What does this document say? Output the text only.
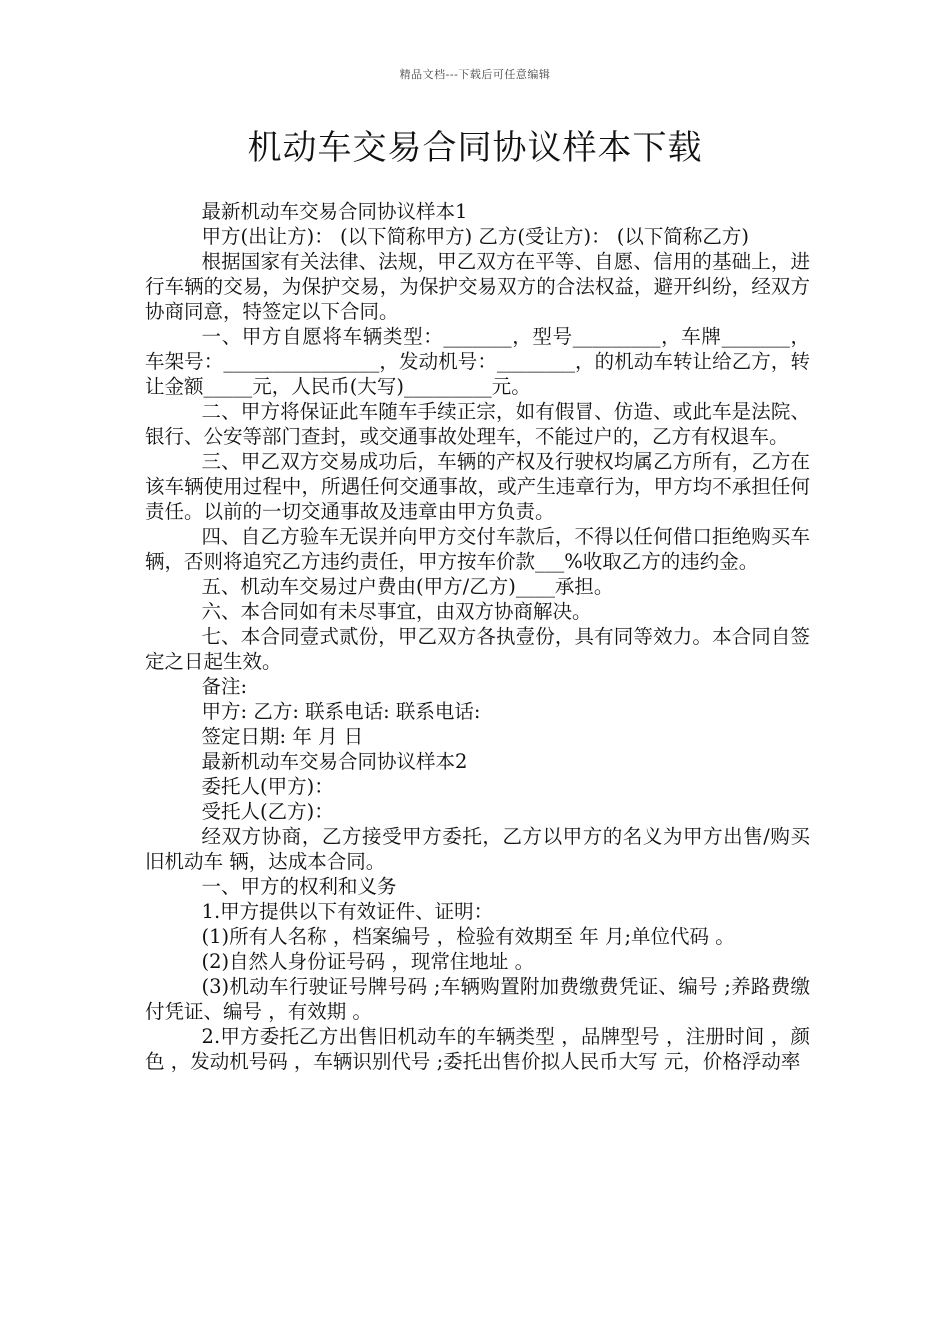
精品文档---下载后可任意编辑
机动车交易合同协议样本下载

最新机动车交易合同协议样本1

甲方(出让方)： (以下简称甲方) 乙方(受让方)： (以下简称乙方)

根据国家有关法律、法规，甲乙双方在平等、自愿、信用的基础上，进行车辆的交易，为保护交易，为保护交易双方的合法权益，避开纠纷，经双方协商同意，特签定以下合同。

一、甲方自愿将车辆类型：_______，型号_________，车牌_______，车架号：________________，发动机号：________，的机动车转让给乙方，转让金额_____元，人民币(大写)_________元。

二、甲方将保证此车随车手续正宗，如有假冒、仿造、或此车是法院、银行、公安等部门查封，或交通事故处理车，不能过户的，乙方有权退车。

三、甲乙双方交易成功后，车辆的产权及行驶权均属乙方所有，乙方在该车辆使用过程中，所遇任何交通事故，或产生违章行为，甲方均不承担任何责任。以前的一切交通事故及违章由甲方负责。

四、自乙方验车无误并向甲方交付车款后，不得以任何借口拒绝购买车辆，否则将追究乙方违约责任，甲方按车价款___%收取乙方的违约金。

五、机动车交易过户费由(甲方/乙方)____承担。

六、本合同如有未尽事宜，由双方协商解决。

七、本合同壹式贰份，甲乙双方各执壹份，具有同等效力。本合同自签定之日起生效。

备注:

甲方: 乙方: 联系电话: 联系电话:

签定日期: 年 月 日

最新机动车交易合同协议样本2

委托人(甲方)：

受托人(乙方)：

经双方协商，乙方接受甲方委托，乙方以甲方的名义为甲方出售/购买旧机动车 辆，达成本合同。

一、甲方的权利和义务

1.甲方提供以下有效证件、证明：

(1)所有人名称 ，档案编号 ，检验有效期至 年 月;单位代码 。

(2)自然人身份证号码 ，现常住地址 。

(3)机动车行驶证号牌号码 ;车辆购置附加费缴费凭证、编号 ;养路费缴付凭证、编号 ，有效期 。

2.甲方委托乙方出售旧机动车的车辆类型 ，品牌型号 ，注册时间 ，颜色 ，发动机号码 ，车辆识别代号 ;委托出售价拟人民币大写 元，价格浮动率
